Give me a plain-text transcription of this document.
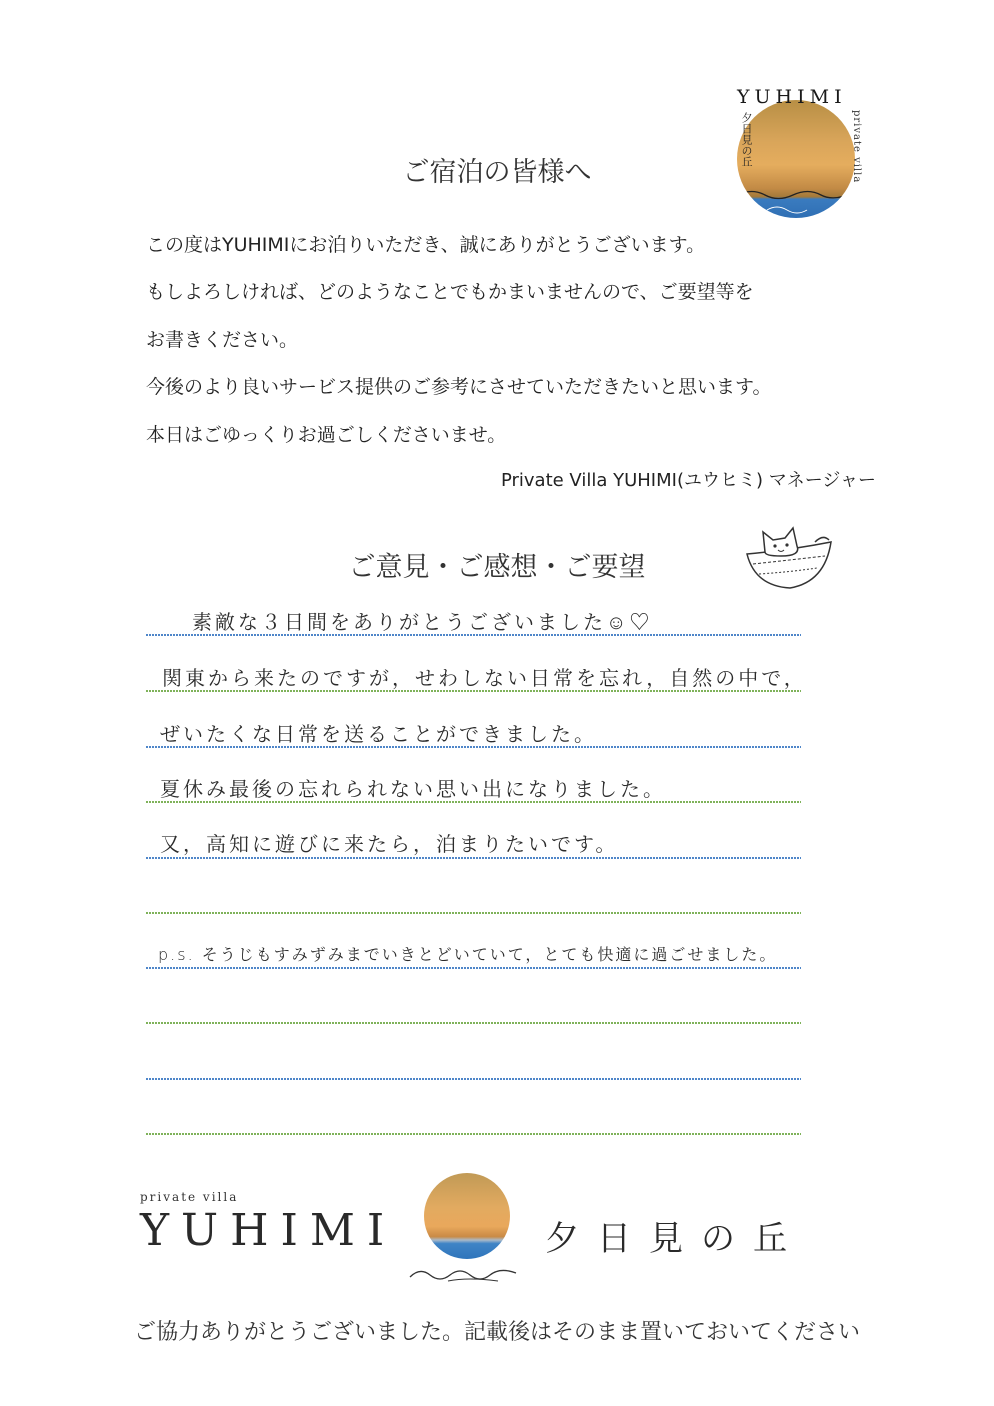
YUHIMI
夕日見の丘	private villa
ご宿泊の皆様へ
この度はYUHIMIにお泊りいただき、誠にありがとうございます。
もしよろしければ、どのようなことでもかまいませんので、ご要望等を
お書きください。
今後のより良いサービス提供のご参考にさせていただきたいと思います。
本日はごゆっくりお過ごしくださいませ。
Private Villa YUHIMI(ユウヒミ) マネージャー
ご意見・ご感想・ご要望
素敵な３日間をありがとうございました☺♡
関東から来たのですが，せわしない日常を忘れ，自然の中で，
ぜいたくな日常を送ることができました。
夏休み最後の忘れられない思い出になりました。
又，高知に遊びに来たら，泊まりたいです。
p.s. そうじもすみずみまでいきとどいていて，とても快適に過ごせました。
private villa
YUHIMI	夕日見の丘
ご協力ありがとうございました。記載後はそのまま置いておいてください
